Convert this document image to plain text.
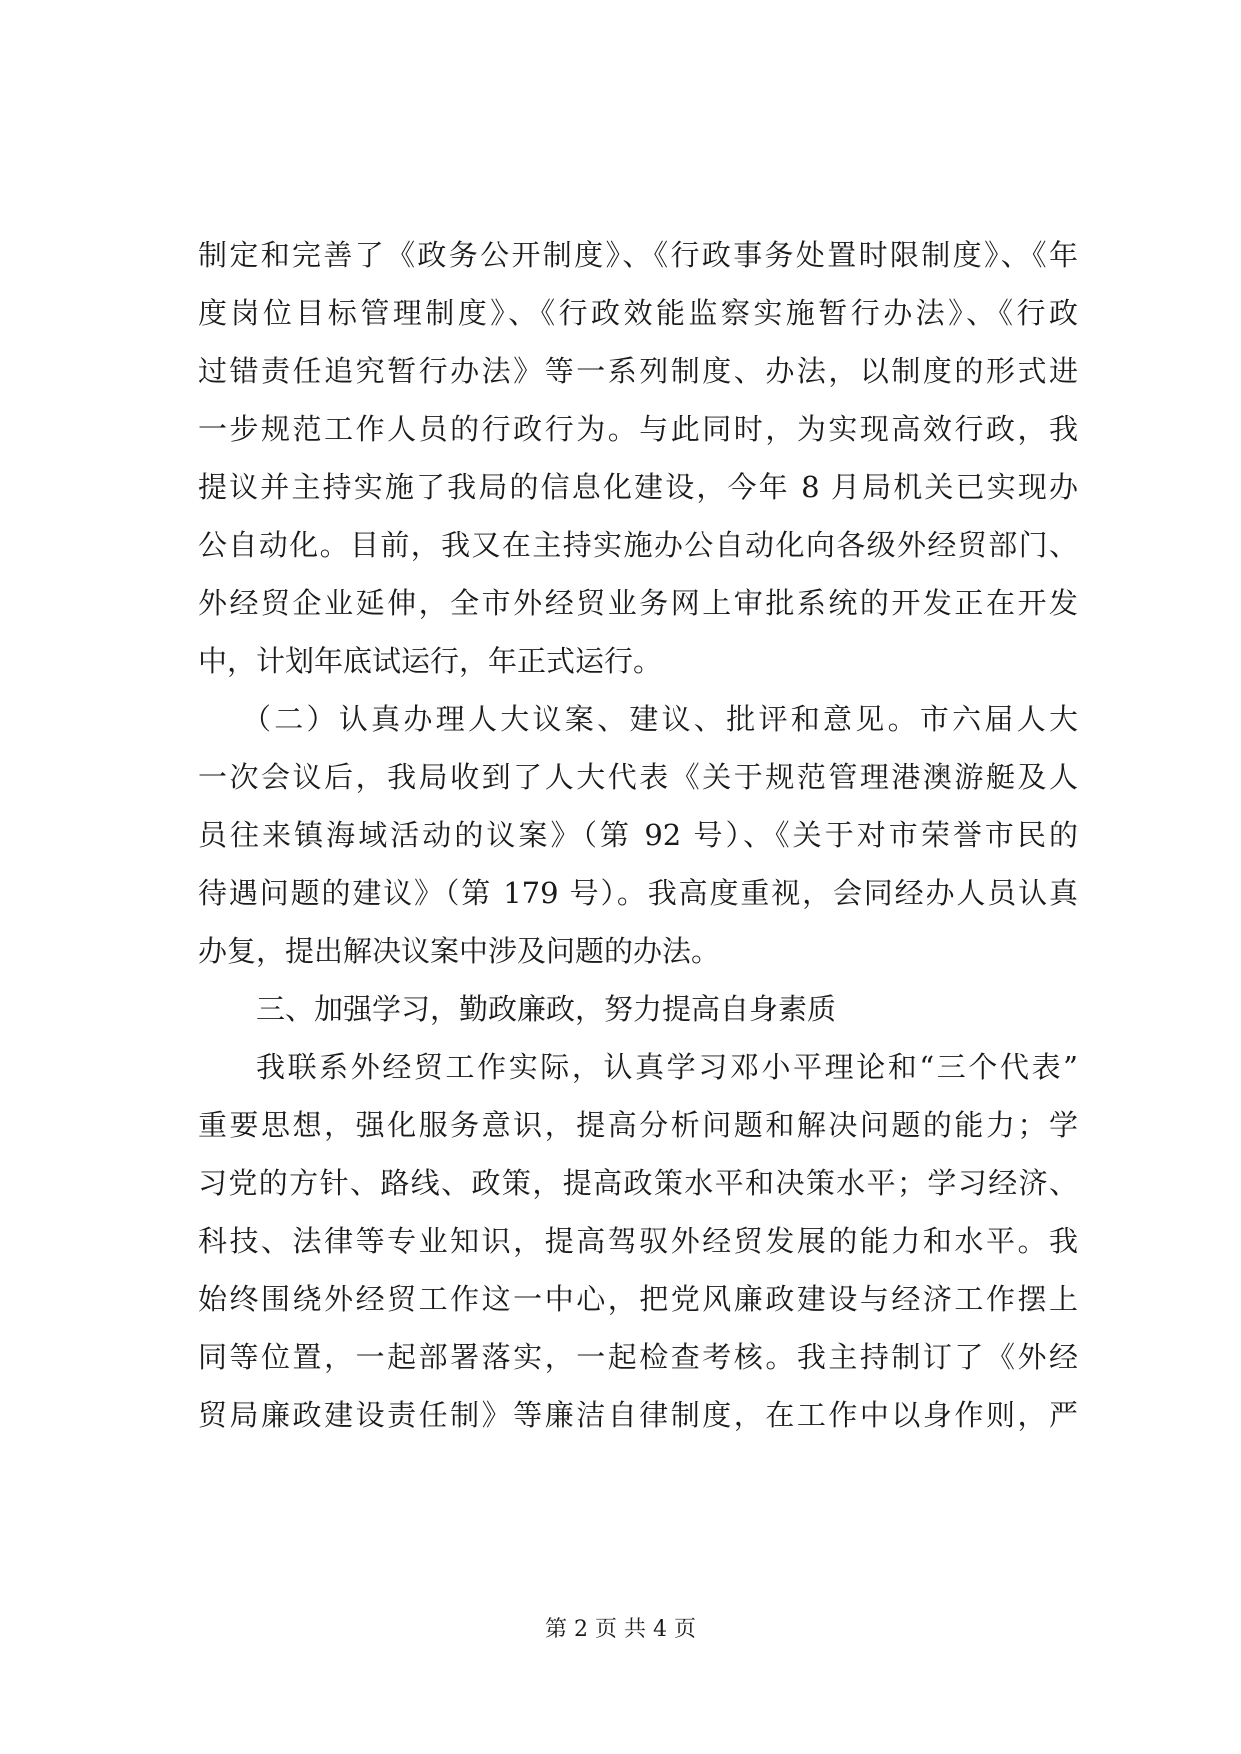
制定和完善了《政务公开制度》、《行政事务处置时限制度》、《年
度岗位目标管理制度》、《行政效能监察实施暂行办法》、《行政
过错责任追究暂行办法》等一系列制度、办法，以制度的形式进
一步规范工作人员的行政行为。与此同时，为实现高效行政，我
提议并主持实施了我局的信息化建设，今年 8 月局机关已实现办
公自动化。目前，我又在主持实施办公自动化向各级外经贸部门、
外经贸企业延伸，全市外经贸业务网上审批系统的开发正在开发
中，计划年底试运行，年正式运行。
（二）认真办理人大议案、建议、批评和意见。市六届人大
一次会议后，我局收到了人大代表《关于规范管理港澳游艇及人
员往来镇海域活动的议案》（第 92 号）、《关于对市荣誉市民的
待遇问题的建议》（第 179 号）。我高度重视，会同经办人员认真
办复，提出解决议案中涉及问题的办法。
三、加强学习，勤政廉政，努力提高自身素质
我联系外经贸工作实际，认真学习邓小平理论和“三个代表”
重要思想，强化服务意识，提高分析问题和解决问题的能力；学
习党的方针、路线、政策，提高政策水平和决策水平；学习经济、
科技、法律等专业知识，提高驾驭外经贸发展的能力和水平。我
始终围绕外经贸工作这一中心，把党风廉政建设与经济工作摆上
同等位置，一起部署落实，一起检查考核。我主持制订了《外经
贸局廉政建设责任制》等廉洁自律制度，在工作中以身作则，严
第 2 页 共 4 页
